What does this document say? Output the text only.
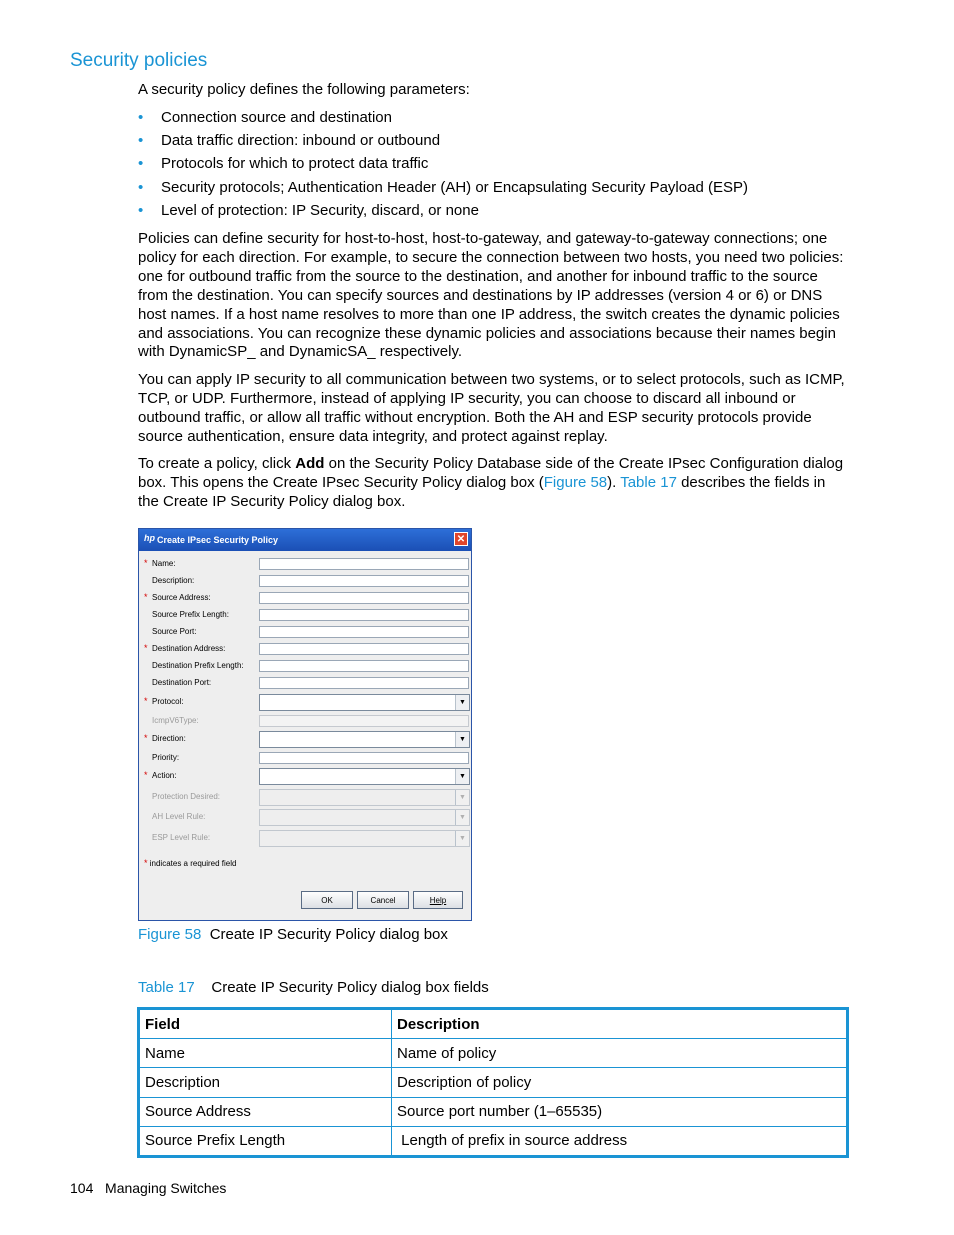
Security policies
A security policy defines the following parameters:
• Connection source and destination
• Data traffic direction: inbound or outbound
• Protocols for which to protect data traffic
• Security protocols; Authentication Header (AH) or Encapsulating Security Payload (ESP)
• Level of protection: IP Security, discard, or none
Policies can define security for host-to-host, host-to-gateway, and gateway-to-gateway connections; one policy for each direction. For example, to secure the connection between two hosts, you need two policies: one for outbound traffic from the source to the destination, and another for inbound traffic to the source from the destination. You can specify sources and destinations by IP addresses (version 4 or 6) or DNS host names. If a host name resolves to more than one IP address, the switch creates the dynamic policies and associations. You can recognize these dynamic policies and associations because their names begin with DynamicSP_ and DynamicSA_ respectively.
You can apply IP security to all communication between two systems, or to select protocols, such as ICMP, TCP, or UDP. Furthermore, instead of applying IP security, you can choose to discard all inbound or outbound traffic, or allow all traffic without encryption. Both the AH and ESP security protocols provide source authentication, ensure data integrity, and protect against replay.
To create a policy, click Add on the Security Policy Database side of the Create IPsec Configuration dialog box. This opens the Create IPsec Security Policy dialog box (Figure 58). Table 17 describes the fields in the Create IP Security Policy dialog box.
hp Create IPsec Security Policy	✕
* Name:
Description:
* Source Address:
Source Prefix Length:
Source Port:
* Destination Address:
Destination Prefix Length:
Destination Port:
* Protocol:	▼
IcmpV6Type:
* Direction:	▼
Priority:
* Action:	▼
Protection Desired:	▼
AH Level Rule:	▼
ESP Level Rule:	▼
* indicates a required field
OK	Cancel	Help
Figure 58 Create IP Security Policy dialog box
Table 17 Create IP Security Policy dialog box fields
Field	Description
Name	Name of policy
Description	Description of policy
Source Address	Source port number (1–65535)
Source Prefix Length	Length of prefix in source address
104 Managing Switches
